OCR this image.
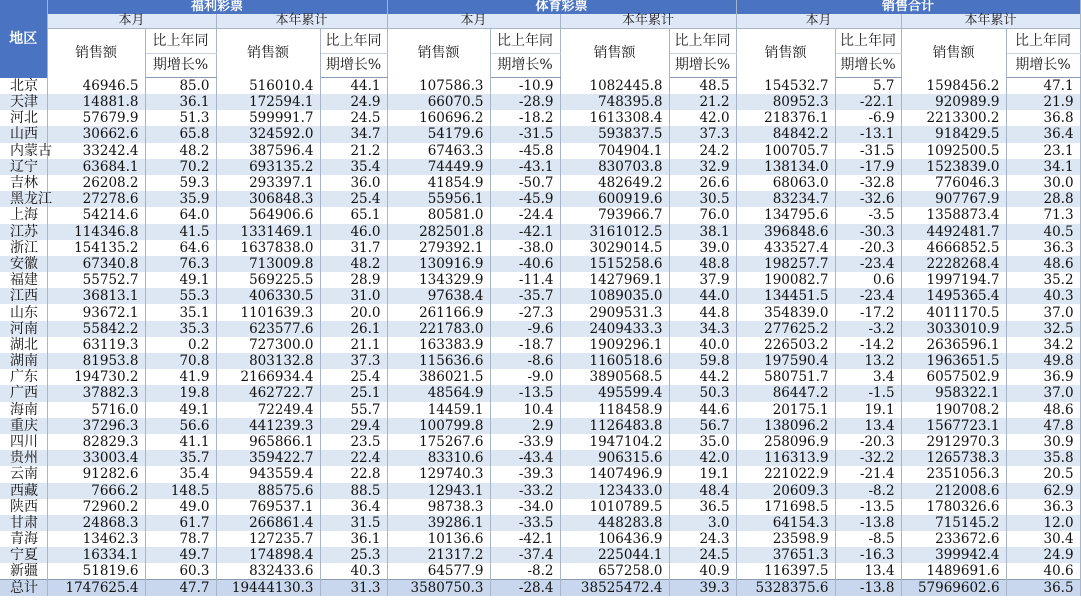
地区	福利彩票				体育彩票				销售合计			
	本月		本年累计		本月		本年累计		本月		本年累计	
	销售额	比上年同	销售额	比上年同	销售额	比上年同	销售额	比上年同	销售额	比上年同	销售额	比上年同
		期增长%		期增长%		期增长%		期增长%		期增长%		期增长%
北京	46946.5	85.0	516010.4	44.1	107586.3	-10.9	1082445.8	48.5	154532.7	5.7	1598456.2	47.1
天津	14881.8	36.1	172594.1	24.9	66070.5	-28.9	748395.8	21.2	80952.3	-22.1	920989.9	21.9
河北	57679.9	51.3	599991.7	24.5	160696.2	-18.2	1613308.4	42.0	218376.1	-6.9	2213300.2	36.8
山西	30662.6	65.8	324592.0	34.7	54179.6	-31.5	593837.5	37.3	84842.2	-13.1	918429.5	36.4
内蒙古	33242.4	48.2	387596.4	21.2	67463.3	-45.8	704904.1	24.2	100705.7	-31.5	1092500.5	23.1
辽宁	63684.1	70.2	693135.2	35.4	74449.9	-43.1	830703.8	32.9	138134.0	-17.9	1523839.0	34.1
吉林	26208.2	59.3	293397.1	36.0	41854.9	-50.7	482649.2	26.6	68063.0	-32.8	776046.3	30.0
黑龙江	27278.6	35.9	306848.3	25.4	55956.1	-45.9	600919.6	30.5	83234.7	-32.6	907767.9	28.8
上海	54214.6	64.0	564906.6	65.1	80581.0	-24.4	793966.7	76.0	134795.6	-3.5	1358873.4	71.3
江苏	114346.8	41.5	1331469.1	46.0	282501.8	-42.1	3161012.5	38.1	396848.6	-30.3	4492481.7	40.5
浙江	154135.2	64.6	1637838.0	31.7	279392.1	-38.0	3029014.5	39.0	433527.4	-20.3	4666852.5	36.3
安徽	67340.8	76.3	713009.8	48.2	130916.9	-40.6	1515258.6	48.8	198257.7	-23.4	2228268.4	48.6
福建	55752.7	49.1	569225.5	28.9	134329.9	-11.4	1427969.1	37.9	190082.7	0.6	1997194.7	35.2
江西	36813.1	55.3	406330.5	31.0	97638.4	-35.7	1089035.0	44.0	134451.5	-23.4	1495365.4	40.3
山东	93672.1	35.1	1101639.3	20.0	261166.9	-27.3	2909531.3	44.8	354839.0	-17.2	4011170.5	37.0
河南	55842.2	35.3	623577.6	26.1	221783.0	-9.6	2409433.3	34.3	277625.2	-3.2	3033010.9	32.5
湖北	63119.3	0.2	727300.0	21.1	163383.9	-18.7	1909296.1	40.0	226503.2	-14.2	2636596.1	34.2
湖南	81953.8	70.8	803132.8	37.3	115636.6	-8.6	1160518.6	59.8	197590.4	13.2	1963651.5	49.8
广东	194730.2	41.9	2166934.4	25.4	386021.5	-9.0	3890568.5	44.2	580751.7	3.4	6057502.9	36.9
广西	37882.3	19.8	462722.7	25.1	48564.9	-13.5	495599.4	50.3	86447.2	-1.5	958322.1	37.0
海南	5716.0	49.1	72249.4	55.7	14459.1	10.4	118458.9	44.6	20175.1	19.1	190708.2	48.6
重庆	37296.3	56.6	441239.3	29.4	100799.8	2.9	1126483.8	56.7	138096.2	13.4	1567723.1	47.8
四川	82829.3	41.1	965866.1	23.5	175267.6	-33.9	1947104.2	35.0	258096.9	-20.3	2912970.3	30.9
贵州	33003.4	35.7	359422.7	22.4	83310.6	-43.4	906315.6	42.0	116313.9	-32.2	1265738.3	35.8
云南	91282.6	35.4	943559.4	22.8	129740.3	-39.3	1407496.9	19.1	221022.9	-21.4	2351056.3	20.5
西藏	7666.2	148.5	88575.6	88.5	12943.1	-33.2	123433.0	48.4	20609.3	-8.2	212008.6	62.9
陕西	72960.2	49.0	769537.1	36.4	98738.3	-34.0	1010789.5	36.5	171698.5	-13.5	1780326.6	36.3
甘肃	24868.3	61.7	266861.4	31.5	39286.1	-33.5	448283.8	3.0	64154.3	-13.8	715145.2	12.0
青海	13462.3	78.7	127235.7	36.1	10136.6	-42.1	106436.9	24.3	23598.9	-8.5	233672.6	30.4
宁夏	16334.1	49.7	174898.4	25.3	21317.2	-37.4	225044.1	24.5	37651.3	-16.3	399942.4	24.9
新疆	51819.6	60.3	832433.6	40.3	64577.9	-8.2	657258.0	40.9	116397.5	13.4	1489691.6	40.6
总计	1747625.4	47.7	19444130.3	31.3	3580750.3	-28.4	38525472.4	39.3	5328375.6	-13.8	57969602.6	36.5
